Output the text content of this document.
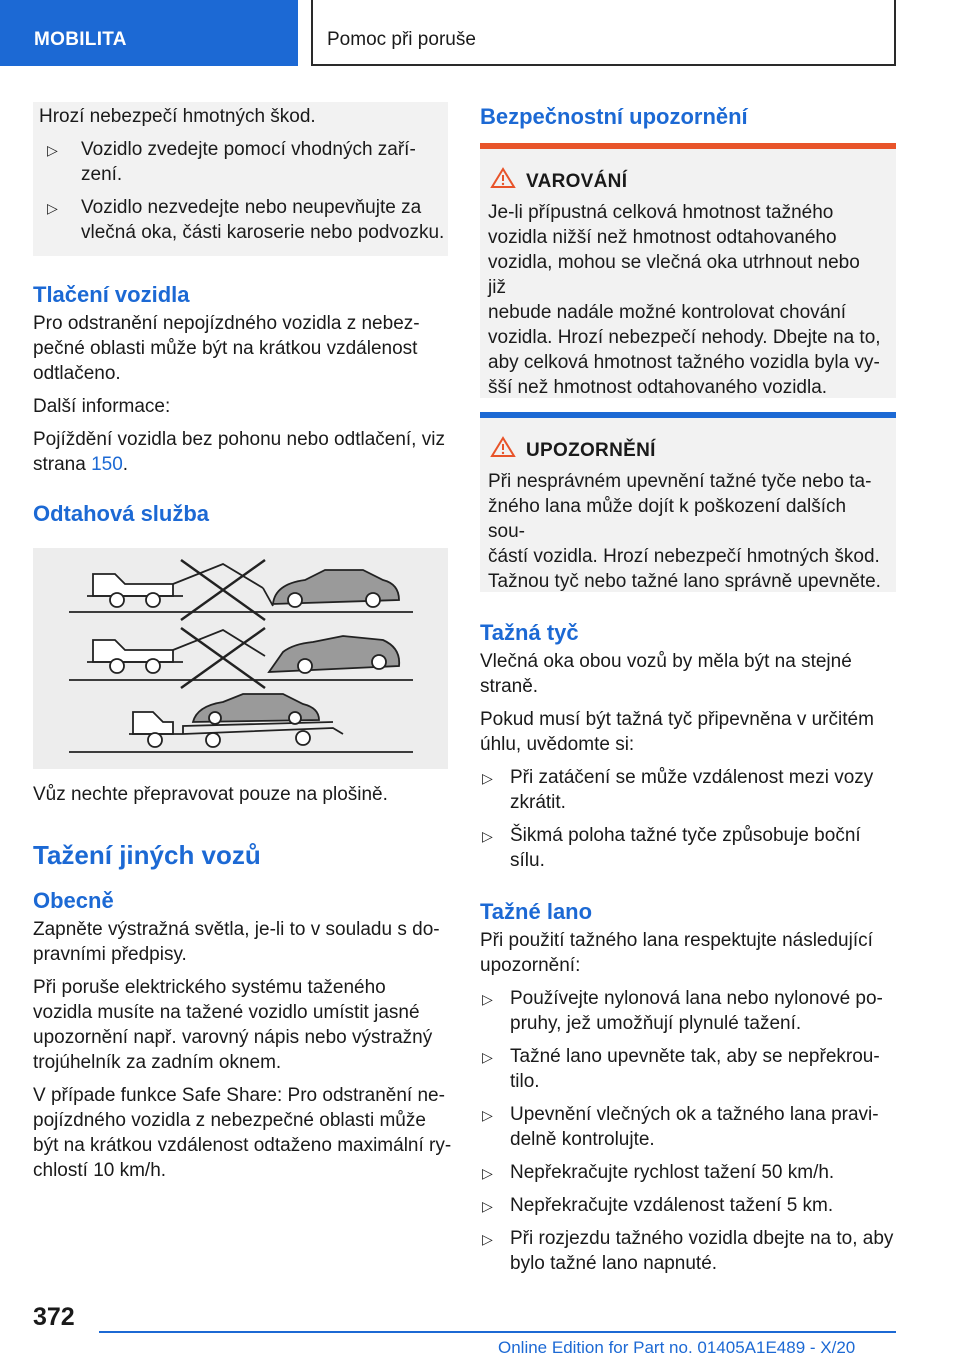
MOBILITA	Pomoc při poruše

Hrozí nebezpečí hmotných škod.

▷ Vozidlo zvedejte pomocí vhodných zaří-

zení.

▷ Vozidlo nezvedejte nebo neupevňujte za

vlečná oka, části karoserie nebo podvozku.

Tlačení vozidla

Pro odstranění nepojízdného vozidla z nebez-

pečné oblasti může být na krátkou vzdálenost

odtlačeno.

Další informace:

Pojíždění vozidla bez pohonu nebo odtlačení, viz

strana 150.

Odtahová služba

Vůz nechte přepravovat pouze na plošině.

Tažení jiných vozů
Obecně

Zapněte výstražná světla, je-li to v souladu s do-

pravními předpisy.

Při poruše elektrického systému taženého

vozidla musíte na tažené vozidlo umístit jasné

upozornění např. varovný nápis nebo výstražný

trojúhelník za zadním oknem.

V případe funkce Safe Share: Pro odstranění ne-

pojízdného vozidla z nebezpečné oblasti může

být na krátkou vzdálenost odtaženo maximální ry-

chlostí 10 km/h.

Bezpečnostní upozornění
VAROVÁNÍ

Je-li přípustná celková hmotnost tažného

vozidla nižší než hmotnost odtahovaného

vozidla, mohou se vlečná oka utrhnout nebo již

nebude nadále možné kontrolovat chování

vozidla. Hrozí nebezpečí nehody. Dbejte na to,

aby celková hmotnost tažného vozidla byla vy-

šší než hmotnost odtahovaného vozidla.

UPOZORNĚNÍ

Při nesprávném upevnění tažné tyče nebo ta-

žného lana může dojít k poškození dalších sou-

částí vozidla. Hrozí nebezpečí hmotných škod.

Tažnou tyč nebo tažné lano správně upevněte.

Tažná tyč

Vlečná oka obou vozů by měla být na stejné

straně.

Pokud musí být tažná tyč připevněna v určitém

úhlu, uvědomte si:

▷ Při zatáčení se může vzdálenost mezi vozy

zkrátit.

▷ Šikmá poloha tažné tyče způsobuje boční

sílu.

Tažné lano

Při použití tažného lana respektujte následující

upozornění:

▷ Používejte nylonová lana nebo nylonové po-

pruhy, jež umožňují plynulé tažení.

▷ Tažné lano upevněte tak, aby se nepřekrou-

tilo.

▷ Upevnění vlečných ok a tažného lana pravi-

delně kontrolujte.

▷ Nepřekračujte rychlost tažení 50 km/h.

▷ Nepřekračujte vzdálenost tažení 5 km.

▷ Při rozjezdu tažného vozidla dbejte na to, aby

bylo tažné lano napnuté.

372
Online Edition for Part no. 01405A1E489 - X/20
